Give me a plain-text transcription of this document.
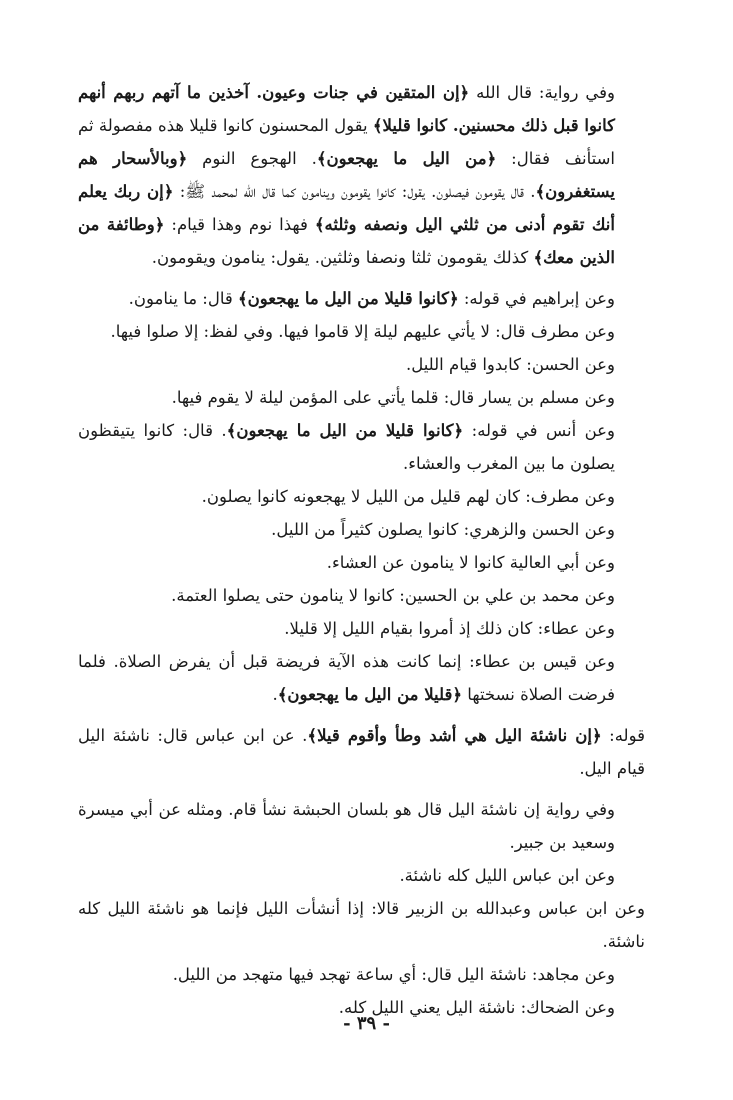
وفي رواية: قال الله ﴿إن المتقين في جنات وعيون. آخذين ما آتهم ربهم أنهم كانوا قبل ذلك محسنين. كانوا قليلا﴾ يقول المحسنون كانوا قليلا هذه مفصولة ثم استأنف فقال: ﴿من اليل ما يهجعون﴾. الهجوع النوم ﴿وبالأسحار هم يستغفرون﴾. قال يقومون فيصلون. يقول: كانوا يقومون وينامون كما قال الله لمحمد ﷺ: ﴿إن ربك يعلم أنك تقوم أدنى من ثلثي اليل ونصفه وثلثه﴾ فهذا نوم وهذا قيام: ﴿وطائفة من الذين معك﴾ كذلك يقومون ثلثا ونصفا وثلثين. يقول: ينامون ويقومون.

وعن إبراهيم في قوله: ﴿كانوا قليلا من اليل ما يهجعون﴾ قال: ما ينامون.

وعن مطرف قال: لا يأتي عليهم ليلة إلا قاموا فيها. وفي لفظ: إلا صلوا فيها.

وعن الحسن: كابدوا قيام الليل.

وعن مسلم بن يسار قال: قلما يأتي على المؤمن ليلة لا يقوم فيها.

وعن أنس في قوله: ﴿كانوا قليلا من اليل ما يهجعون﴾. قال: كانوا يتيقظون يصلون ما بين المغرب والعشاء.

وعن مطرف: كان لهم قليل من الليل لا يهجعونه كانوا يصلون.

وعن الحسن والزهري: كانوا يصلون كثيراً من الليل.

وعن أبي العالية كانوا لا ينامون عن العشاء.

وعن محمد بن علي بن الحسين: كانوا لا ينامون حتى يصلوا العتمة.

وعن عطاء: كان ذلك إذ أمروا بقيام الليل إلا قليلا.

وعن قيس بن عطاء: إنما كانت هذه الآية فريضة قبل أن يفرض الصلاة. فلما فرضت الصلاة نسختها ﴿قليلا من اليل ما يهجعون﴾.

قوله: ﴿إن ناشئة اليل هي أشد وطأ وأقوم قيلا﴾. عن ابن عباس قال: ناشئة اليل قيام اليل.

وفي رواية إن ناشئة اليل قال هو بلسان الحبشة نشأ قام. ومثله عن أبي ميسرة وسعيد بن جبير.

وعن ابن عباس الليل كله ناشئة.

وعن ابن عباس وعبدالله بن الزبير قالا: إذا أنشأت الليل فإنما هو ناشئة الليل كله ناشئة.

وعن مجاهد: ناشئة اليل قال: أي ساعة تهجد فيها متهجد من الليل.

وعن الضحاك: ناشئة اليل يعني الليل كله.

- ٣٩ -
